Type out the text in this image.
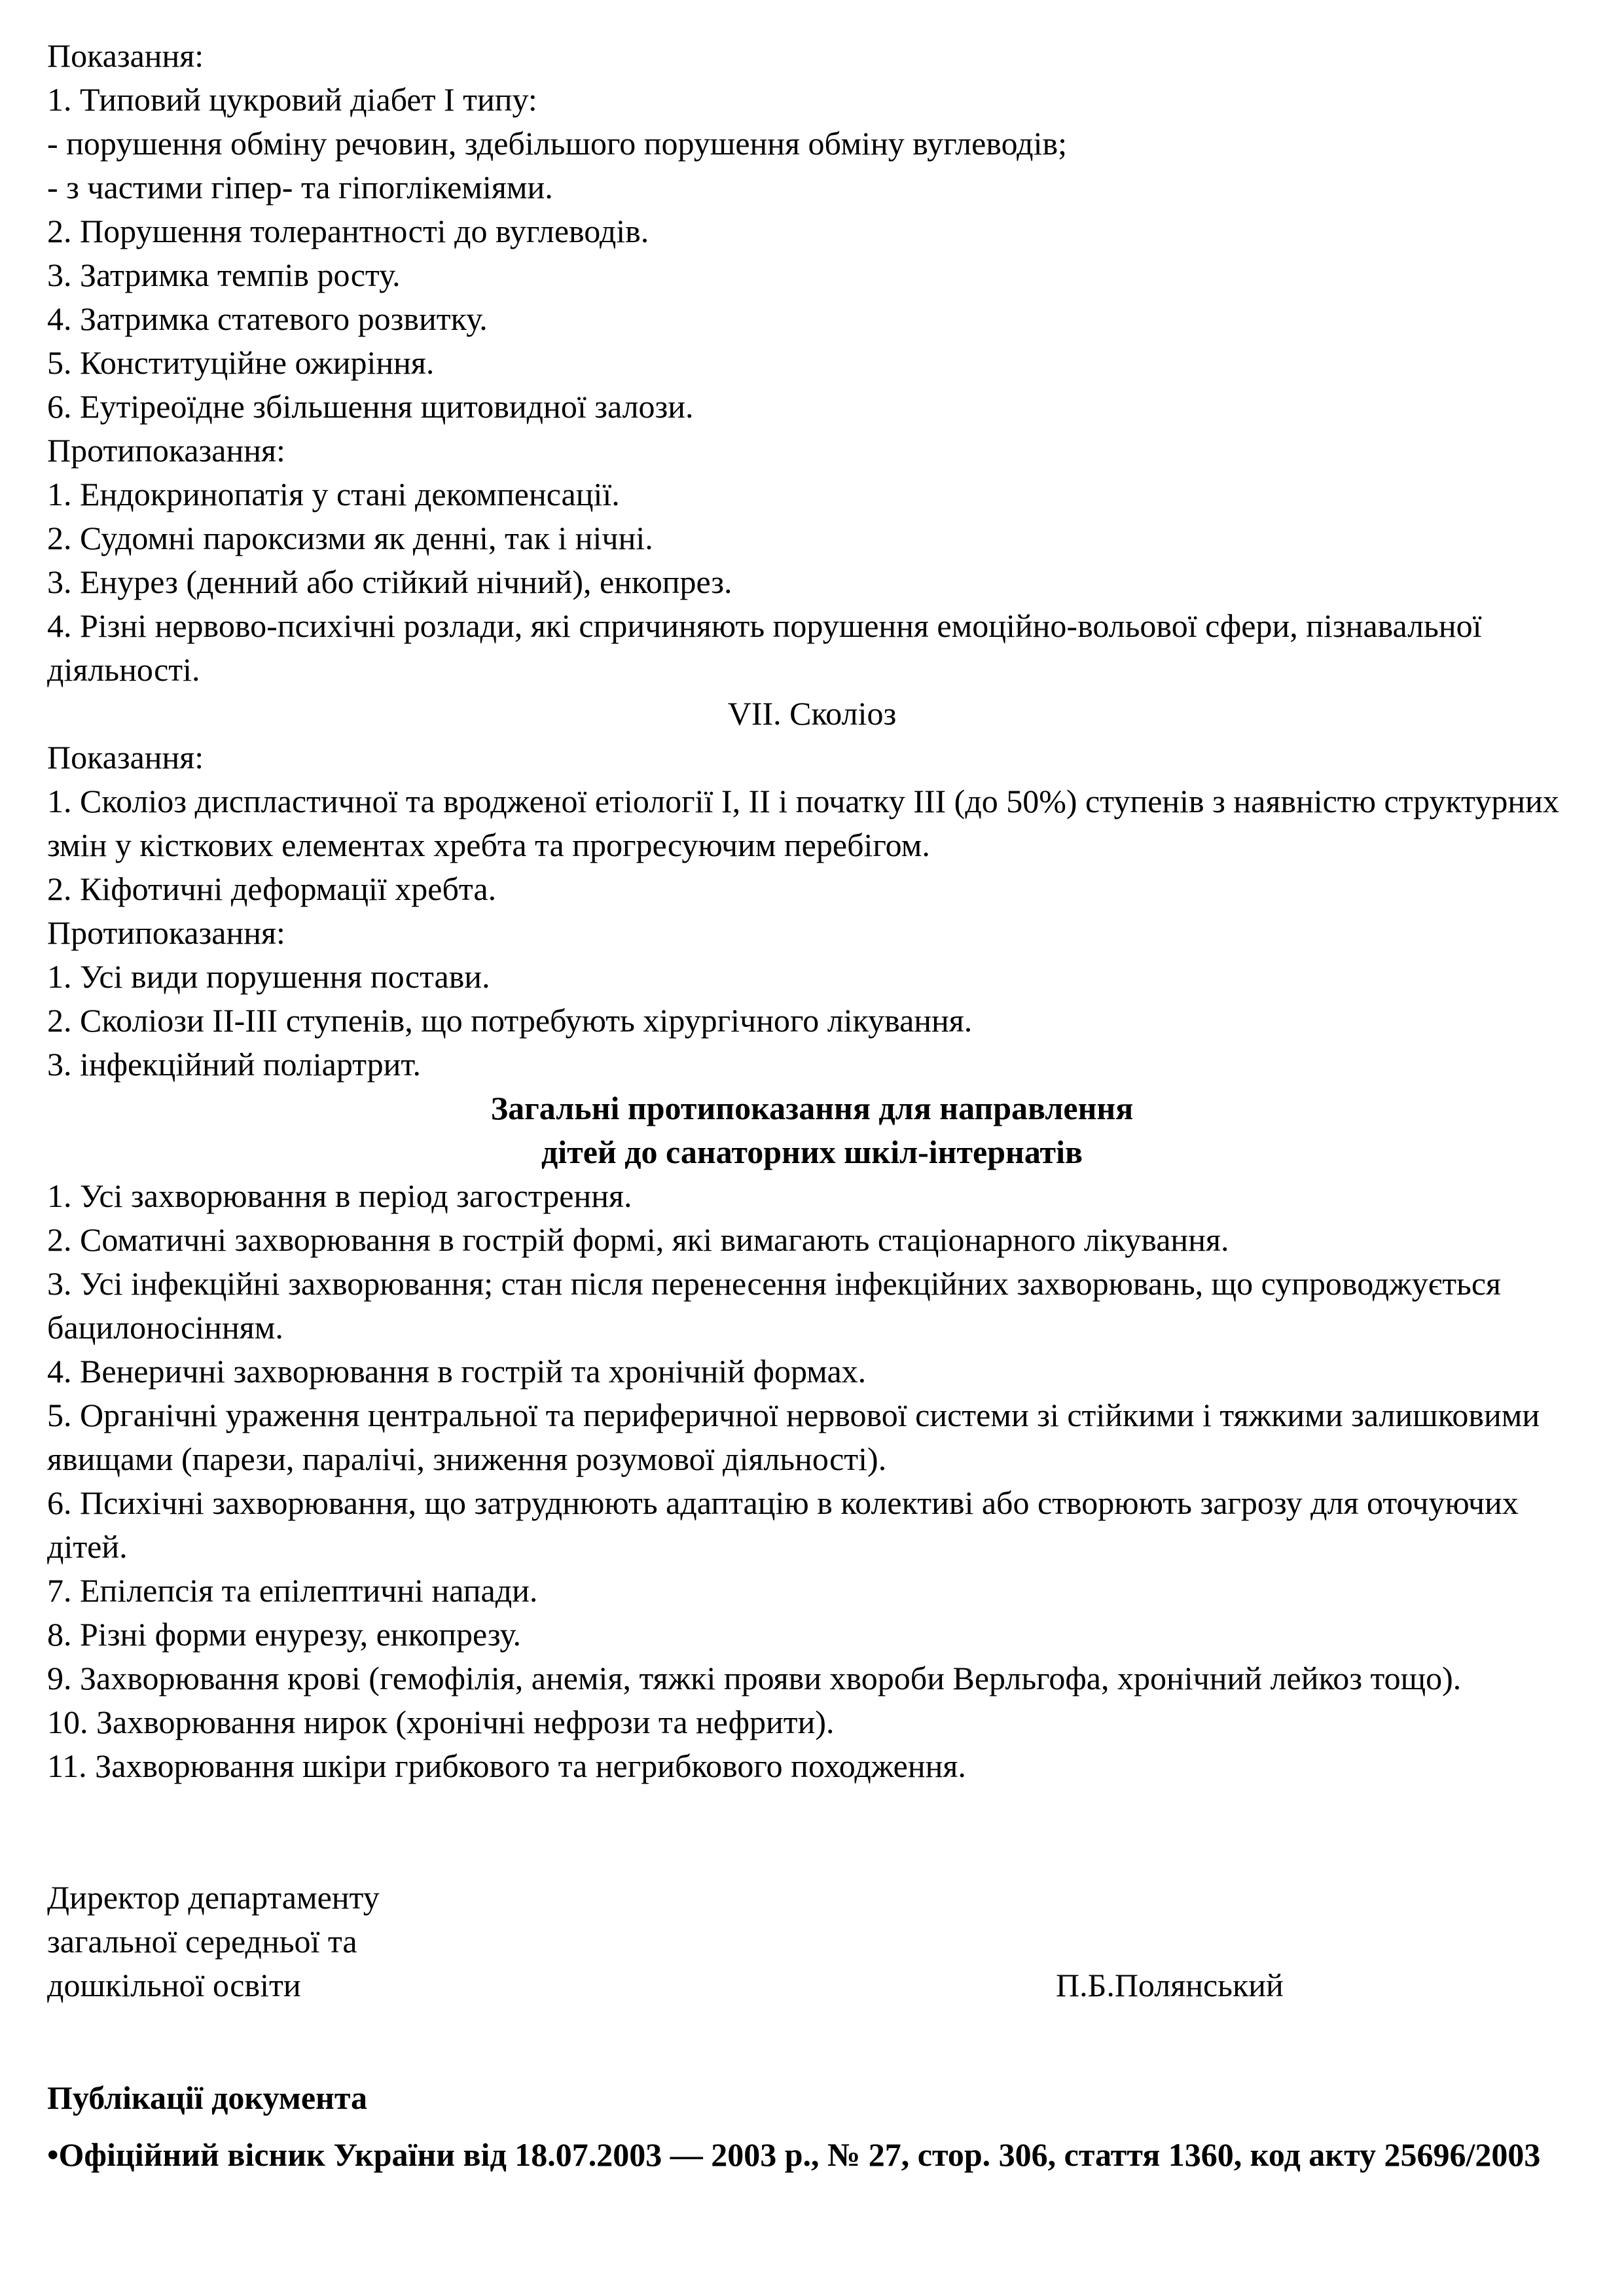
Показання:
1. Типовий цукровий діабет I типу:
- порушення обміну речовин, здебільшого порушення обміну вуглеводів;
- з частими гіпер- та гіпоглікеміями.
2. Порушення толерантності до вуглеводів.
3. Затримка темпів росту.
4. Затримка статевого розвитку.
5. Конституційне ожиріння.
6. Еутіреоїдне збільшення щитовидної залози.
Протипоказання:
1. Ендокринопатія у стані декомпенсації.
2. Судомні пароксизми як денні, так і нічні.
3. Енурез (денний або стійкий нічний), енкопрез.
4. Різні нервово-психічні розлади, які спричиняють порушення емоційно-вольової сфери, пізнавальної діяльності.
VII. Сколіоз
Показання:
1. Сколіоз диспластичної та вродженої етіології I, II і початку III (до 50%) ступенів з наявністю структурних змін у кісткових елементах хребта та прогресуючим перебігом.
2. Кіфотичні деформації хребта.
Протипоказання:
1. Усі види порушення постави.
2. Сколіози II-III ступенів, що потребують хірургічного лікування.
3. інфекційний поліартрит.
Загальні протипоказання для направлення
дітей до санаторних шкіл-інтернатів
1. Усі захворювання в період загострення.
2. Соматичні захворювання в гострій формі, які вимагають стаціонарного лікування.
3. Усі інфекційні захворювання; стан після перенесення інфекційних захворювань, що супроводжується бацилоносінням.
4. Венеричні захворювання в гострій та хронічній формах.
5. Органічні ураження центральної та периферичної нервової системи зі стійкими і тяжкими залишковими явищами (парези, паралічі, зниження розумової діяльності).
6. Психічні захворювання, що затруднюють адаптацію в колективі або створюють загрозу для оточуючих дітей.
7. Епілепсія та епілептичні напади.
8. Різні форми енурезу, енкопрезу.
9. Захворювання крові (гемофілія, анемія, тяжкі прояви хвороби Верльгофа, хронічний лейкоз тощо).
10. Захворювання нирок (хронічні нефрози та нефрити).
11. Захворювання шкіри грибкового та негрибкового походження.
Директор департаменту
загальної середньої та
дошкільної освіти	П.Б.Полянський
Публікації документа
•Офіційний вісник України від 18.07.2003 — 2003 р., № 27, стор. 306, стаття 1360, код акту 25696/2003
